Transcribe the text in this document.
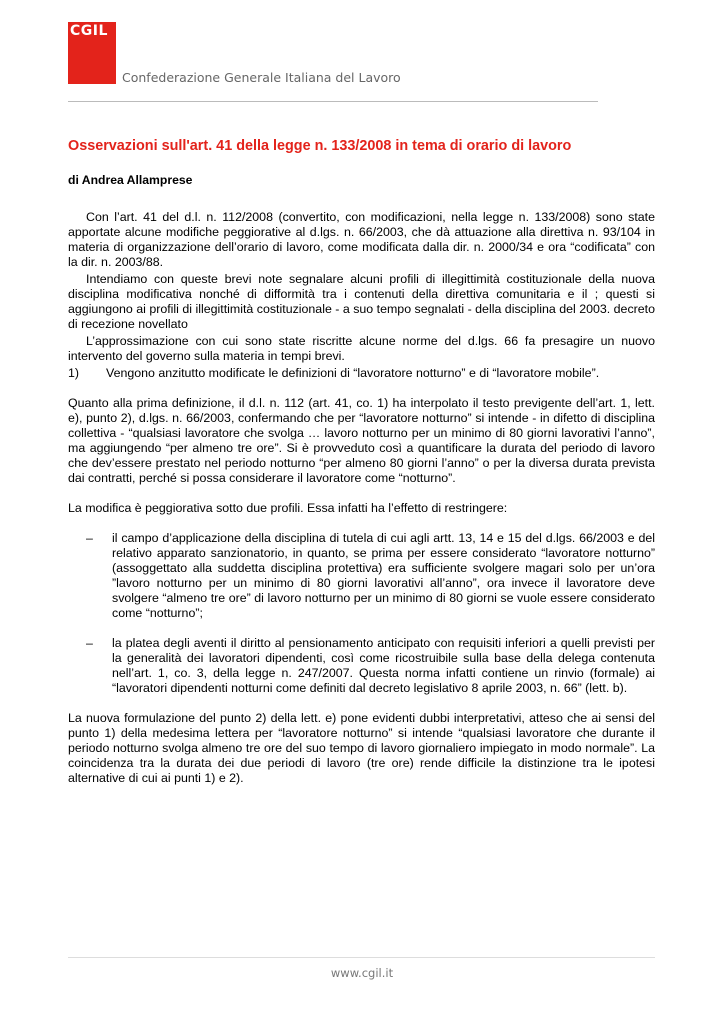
CGIL
Confederazione Generale Italiana del Lavoro
Osservazioni sull'art. 41 della legge n. 133/2008 in tema di orario di lavoro
di Andrea Allamprese

Con l’art. 41 del d.l. n. 112/2008 (convertito, con modificazioni, nella legge n. 133/2008) sono state apportate alcune modifiche peggiorative al d.lgs. n. 66/2003, che dà attuazione alla direttiva n. 93/104 in materia di organizzazione dell’orario di lavoro, come modificata dalla dir. n. 2000/34 e ora “codificata” con la dir. n. 2003/88.

Intendiamo con queste brevi note segnalare alcuni profili di illegittimità costituzionale della nuova disciplina modificativa nonché di difformità tra i contenuti della direttiva comunitaria e il ; questi si aggiungono ai profili di illegittimità costituzionale - a suo tempo segnalati - della disciplina del 2003. decreto di recezione novellato

L’approssimazione con cui sono state riscritte alcune norme del d.lgs. 66 fa presagire un nuovo intervento del governo sulla materia in tempi brevi.

1)	Vengono anzitutto modificate le definizioni di “lavoratore notturno” e di “lavoratore mobile”.

Quanto alla prima definizione, il d.l. n. 112 (art. 41, co. 1) ha interpolato il testo previgente dell’art. 1, lett. e), punto 2), d.lgs. n. 66/2003, confermando che per “lavoratore notturno” si intende - in difetto di disciplina collettiva - “qualsiasi lavoratore che svolga … lavoro notturno per un minimo di 80 giorni lavorativi l’anno”, ma aggiungendo “per almeno tre ore”. Si è provveduto così a quantificare la durata del periodo di lavoro che dev’essere prestato nel periodo notturno “per almeno 80 giorni l’anno” o per la diversa durata prevista dai contratti, perché si possa considerare il lavoratore come “notturno”.

La modifica è peggiorativa sotto due profili. Essa infatti ha l’effetto di restringere:

–	il campo d’applicazione della disciplina di tutela di cui agli artt. 13, 14 e 15 del d.lgs. 66/2003 e del relativo apparato sanzionatorio, in quanto, se prima per essere considerato “lavoratore notturno” (assoggettato alla suddetta disciplina protettiva) era sufficiente svolgere magari solo per un’ora ”lavoro notturno per un minimo di 80 giorni lavorativi all’anno”, ora invece il lavoratore deve svolgere “almeno tre ore” di lavoro notturno per un minimo di 80 giorni se vuole essere considerato come “notturno”;
–	la platea degli aventi il diritto al pensionamento anticipato con requisiti inferiori a quelli previsti per la generalità dei lavoratori dipendenti, così come ricostruibile sulla base della delega contenuta nell’art. 1, co. 3, della legge n. 247/2007. Questa norma infatti contiene un rinvio (formale) ai “lavoratori dipendenti notturni come definiti dal decreto legislativo 8 aprile 2003, n. 66” (lett. b).

La nuova formulazione del punto 2) della lett. e) pone evidenti dubbi interpretativi, atteso che ai sensi del punto 1) della medesima lettera per “lavoratore notturno” si intende “qualsiasi lavoratore che durante il periodo notturno svolga almeno tre ore del suo tempo di lavoro giornaliero impiegato in modo normale”. La coincidenza tra la durata dei due periodi di lavoro (tre ore) rende difficile la distinzione tra le ipotesi alternative di cui ai punti 1) e 2).

www.cgil.it
